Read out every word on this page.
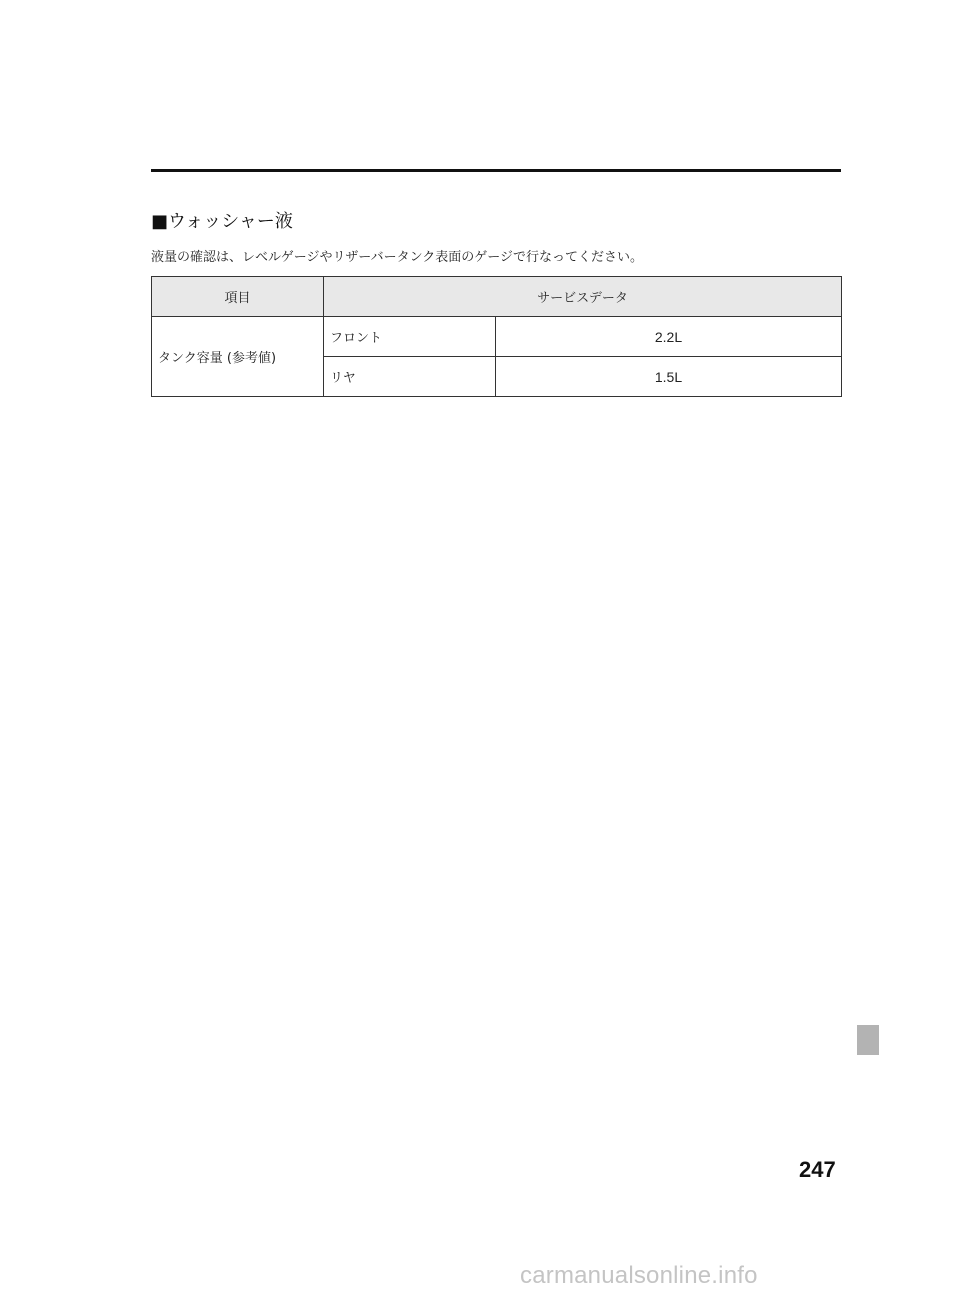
■ウォッシャー液
液量の確認は、レベルゲージやリザーバータンク表面のゲージで行なってください。
項目	サービスデータ	
タンク容量 (参考値)	フロント	2.2L
	リヤ	1.5L
247
carmanualsonline.info
